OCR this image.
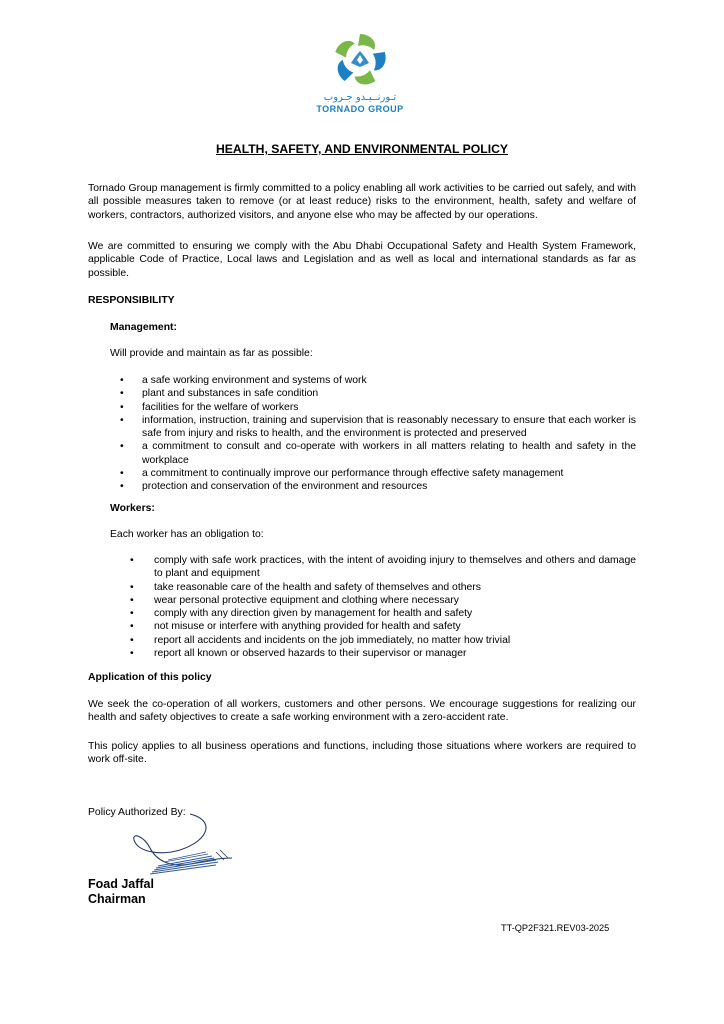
تـورنــيـدو جـروب
TORNADO GROUP
HEALTH, SAFETY, AND ENVIRONMENTAL POLICY
Tornado Group management is firmly committed to a policy enabling all work activities to be carried out safely, and with all possible measures taken to remove (or at least reduce) risks to the environment, health, safety and welfare of workers, contractors, authorized visitors, and anyone else who may be affected by our operations.
We are committed to ensuring we comply with the Abu Dhabi Occupational Safety and Health System Framework, applicable Code of Practice, Local laws and Legislation and as well as local and international standards as far as possible.
RESPONSIBILITY
Management:
Will provide and maintain as far as possible:
• a safe working environment and systems of work
• plant and substances in safe condition
• facilities for the welfare of workers
• information, instruction, training and supervision that is reasonably necessary to ensure that each worker is safe from injury and risks to health, and the environment is protected and preserved
• a commitment to consult and co-operate with workers in all matters relating to health and safety in the workplace
• a commitment to continually improve our performance through effective safety management
• protection and conservation of the environment and resources
Workers:
Each worker has an obligation to:
• comply with safe work practices, with the intent of avoiding injury to themselves and others and damage to plant and equipment
• take reasonable care of the health and safety of themselves and others
• wear personal protective equipment and clothing where necessary
• comply with any direction given by management for health and safety
• not misuse or interfere with anything provided for health and safety
• report all accidents and incidents on the job immediately, no matter how trivial
• report all known or observed hazards to their supervisor or manager
Application of this policy
We seek the co-operation of all workers, customers and other persons. We encourage suggestions for realizing our health and safety objectives to create a safe working environment with a zero-accident rate.
This policy applies to all business operations and functions, including those situations where workers are required to work off-site.
Policy Authorized By:
Foad Jaffal
Chairman
TT-QP2F321.REV03-2025
